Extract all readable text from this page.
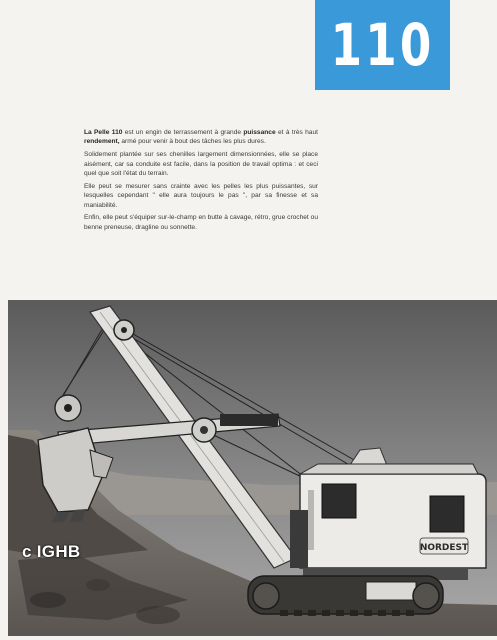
110

La Pelle 110 est un engin de terrassement à grande puissance et à très haut rendement, armé pour venir à bout des tâches les plus dures.

Solidement plantée sur ses chenilles largement dimensionnées, elle se place aisément, car sa conduite est facile, dans la position de travail optima : et ceci quel que soit l'état du terrain.

Elle peut se mesurer sans crainte avec les pelles les plus puissantes, sur lesquelles cependant " elle aura toujours le pas ", par sa finesse et sa maniabilité.

Enfin, elle peut s'équiper sur-le-champ en butte à cavage, rétro, grue crochet ou benne preneuse, dragline ou sonnette.

NORDEST
c IGHB
